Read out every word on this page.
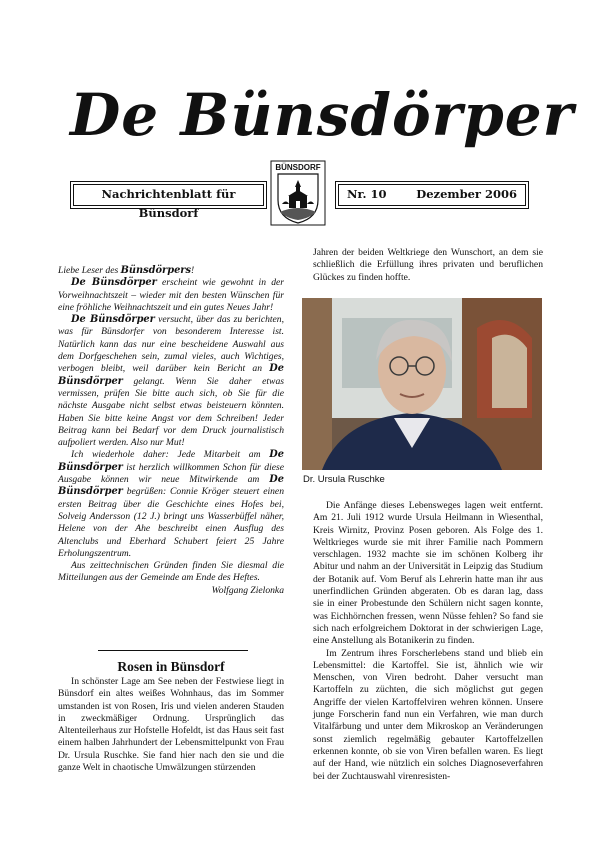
De Bünsdörper
Nachrichtenblatt für Bünsdorf
BÜNSDORF
Nr. 10	Dezember 2006

Liebe Leser des Bünsdörpers!

De Bünsdörper erscheint wie gewohnt in der Vorweihnachtszeit – wieder mit den besten Wünschen für eine fröhliche Weihnachtszeit und ein gutes Neues Jahr!

De Bünsdörper versucht, über das zu berichten, was für Bünsdorfer von besonderem Interesse ist. Natürlich kann das nur eine bescheidene Auswahl aus dem Dorfgeschehen sein, zumal vieles, auch Wichtiges, verbogen bleibt, weil darüber kein Bericht an De Bünsdörper gelangt. Wenn Sie daher etwas vermissen, prüfen Sie bitte auch sich, ob Sie für die nächste Ausgabe nicht selbst etwas beisteuern könnten. Haben Sie bitte keine Angst vor dem Schreiben! Jeder Beitrag kann bei Bedarf vor dem Druck journalistisch aufpoliert werden. Also nur Mut!

Ich wiederhole daher: Jede Mitarbeit am De Bünsdörper ist herzlich willkommen Schon für diese Ausgabe können wir neue Mitwirkende am De Bünsdörper begrüßen: Connie Kröger steuert einen ersten Beitrag über die Geschichte eines Hofes bei, Solveig Andersson (12 J.) bringt uns Wasserbüffel näher, Helene von der Ahe beschreibt einen Ausflug des Altenclubs und Eberhard Schubert feiert 25 Jahre Erholungszentrum.

Aus zeittechnischen Gründen finden Sie diesmal die Mitteilungen aus der Gemeinde am Ende des Heftes.

Wolfgang Zielonka
Rosen in Bünsdorf

In schönster Lage am See neben der Festwiese liegt in Bünsdorf ein altes weißes Wohnhaus, das im Sommer umstanden ist von Rosen, Iris und vielen anderen Stauden in zweckmäßiger Ordnung. Ursprünglich das Altenteilerhaus zur Hofstelle Hofeldt, ist das Haus seit fast einem halben Jahrhundert der Lebensmittelpunkt von Frau Dr. Ursula Ruschke. Sie fand hier nach den sie und die ganze Welt in chaotische Umwälzungen stürzenden

Jahren der beiden Weltkriege den Wunschort, an dem sie schließlich die Erfüllung ihres privaten und beruflichen Glückes zu finden hoffte.

Dr. Ursula Ruschke

Die Anfänge dieses Lebensweges lagen weit entfernt. Am 21. Juli 1912 wurde Ursula Heilmann in Wiesenthal, Kreis Wirnitz, Provinz Posen geboren. Als Folge des 1. Weltkrieges wurde sie mit ihrer Familie nach Pommern verschlagen. 1932 machte sie im schönen Kolberg ihr Abitur und nahm an der Universität in Leipzig das Studium der Botanik auf. Vom Beruf als Lehrerin hatte man ihr aus unerfindlichen Gründen abgeraten. Ob es daran lag, dass sie in einer Probestunde den Schülern nicht sagen konnte, was Eichhörnchen fressen, wenn Nüsse fehlen? So fand sie sich nach erfolgreichem Doktorat in der schwierigen Lage, eine Anstellung als Botanikerin zu finden.

Im Zentrum ihres Forscherlebens stand und blieb ein Lebensmittel: die Kartoffel. Sie ist, ähnlich wie wir Menschen, von Viren bedroht. Daher versucht man Kartoffeln zu züchten, die sich möglichst gut gegen Angriffe der vielen Kartoffelviren wehren können. Unsere junge Forscherin fand nun ein Verfahren, wie man durch Vitalfärbung und unter dem Mikroskop an Veränderungen sonst ziemlich regelmäßig gebauter Kartoffelzellen erkennen konnte, ob sie von Viren befallen waren. Es liegt auf der Hand, wie nützlich ein solches Diagnoseverfahren bei der Zuchtauswahl virenresisten-
